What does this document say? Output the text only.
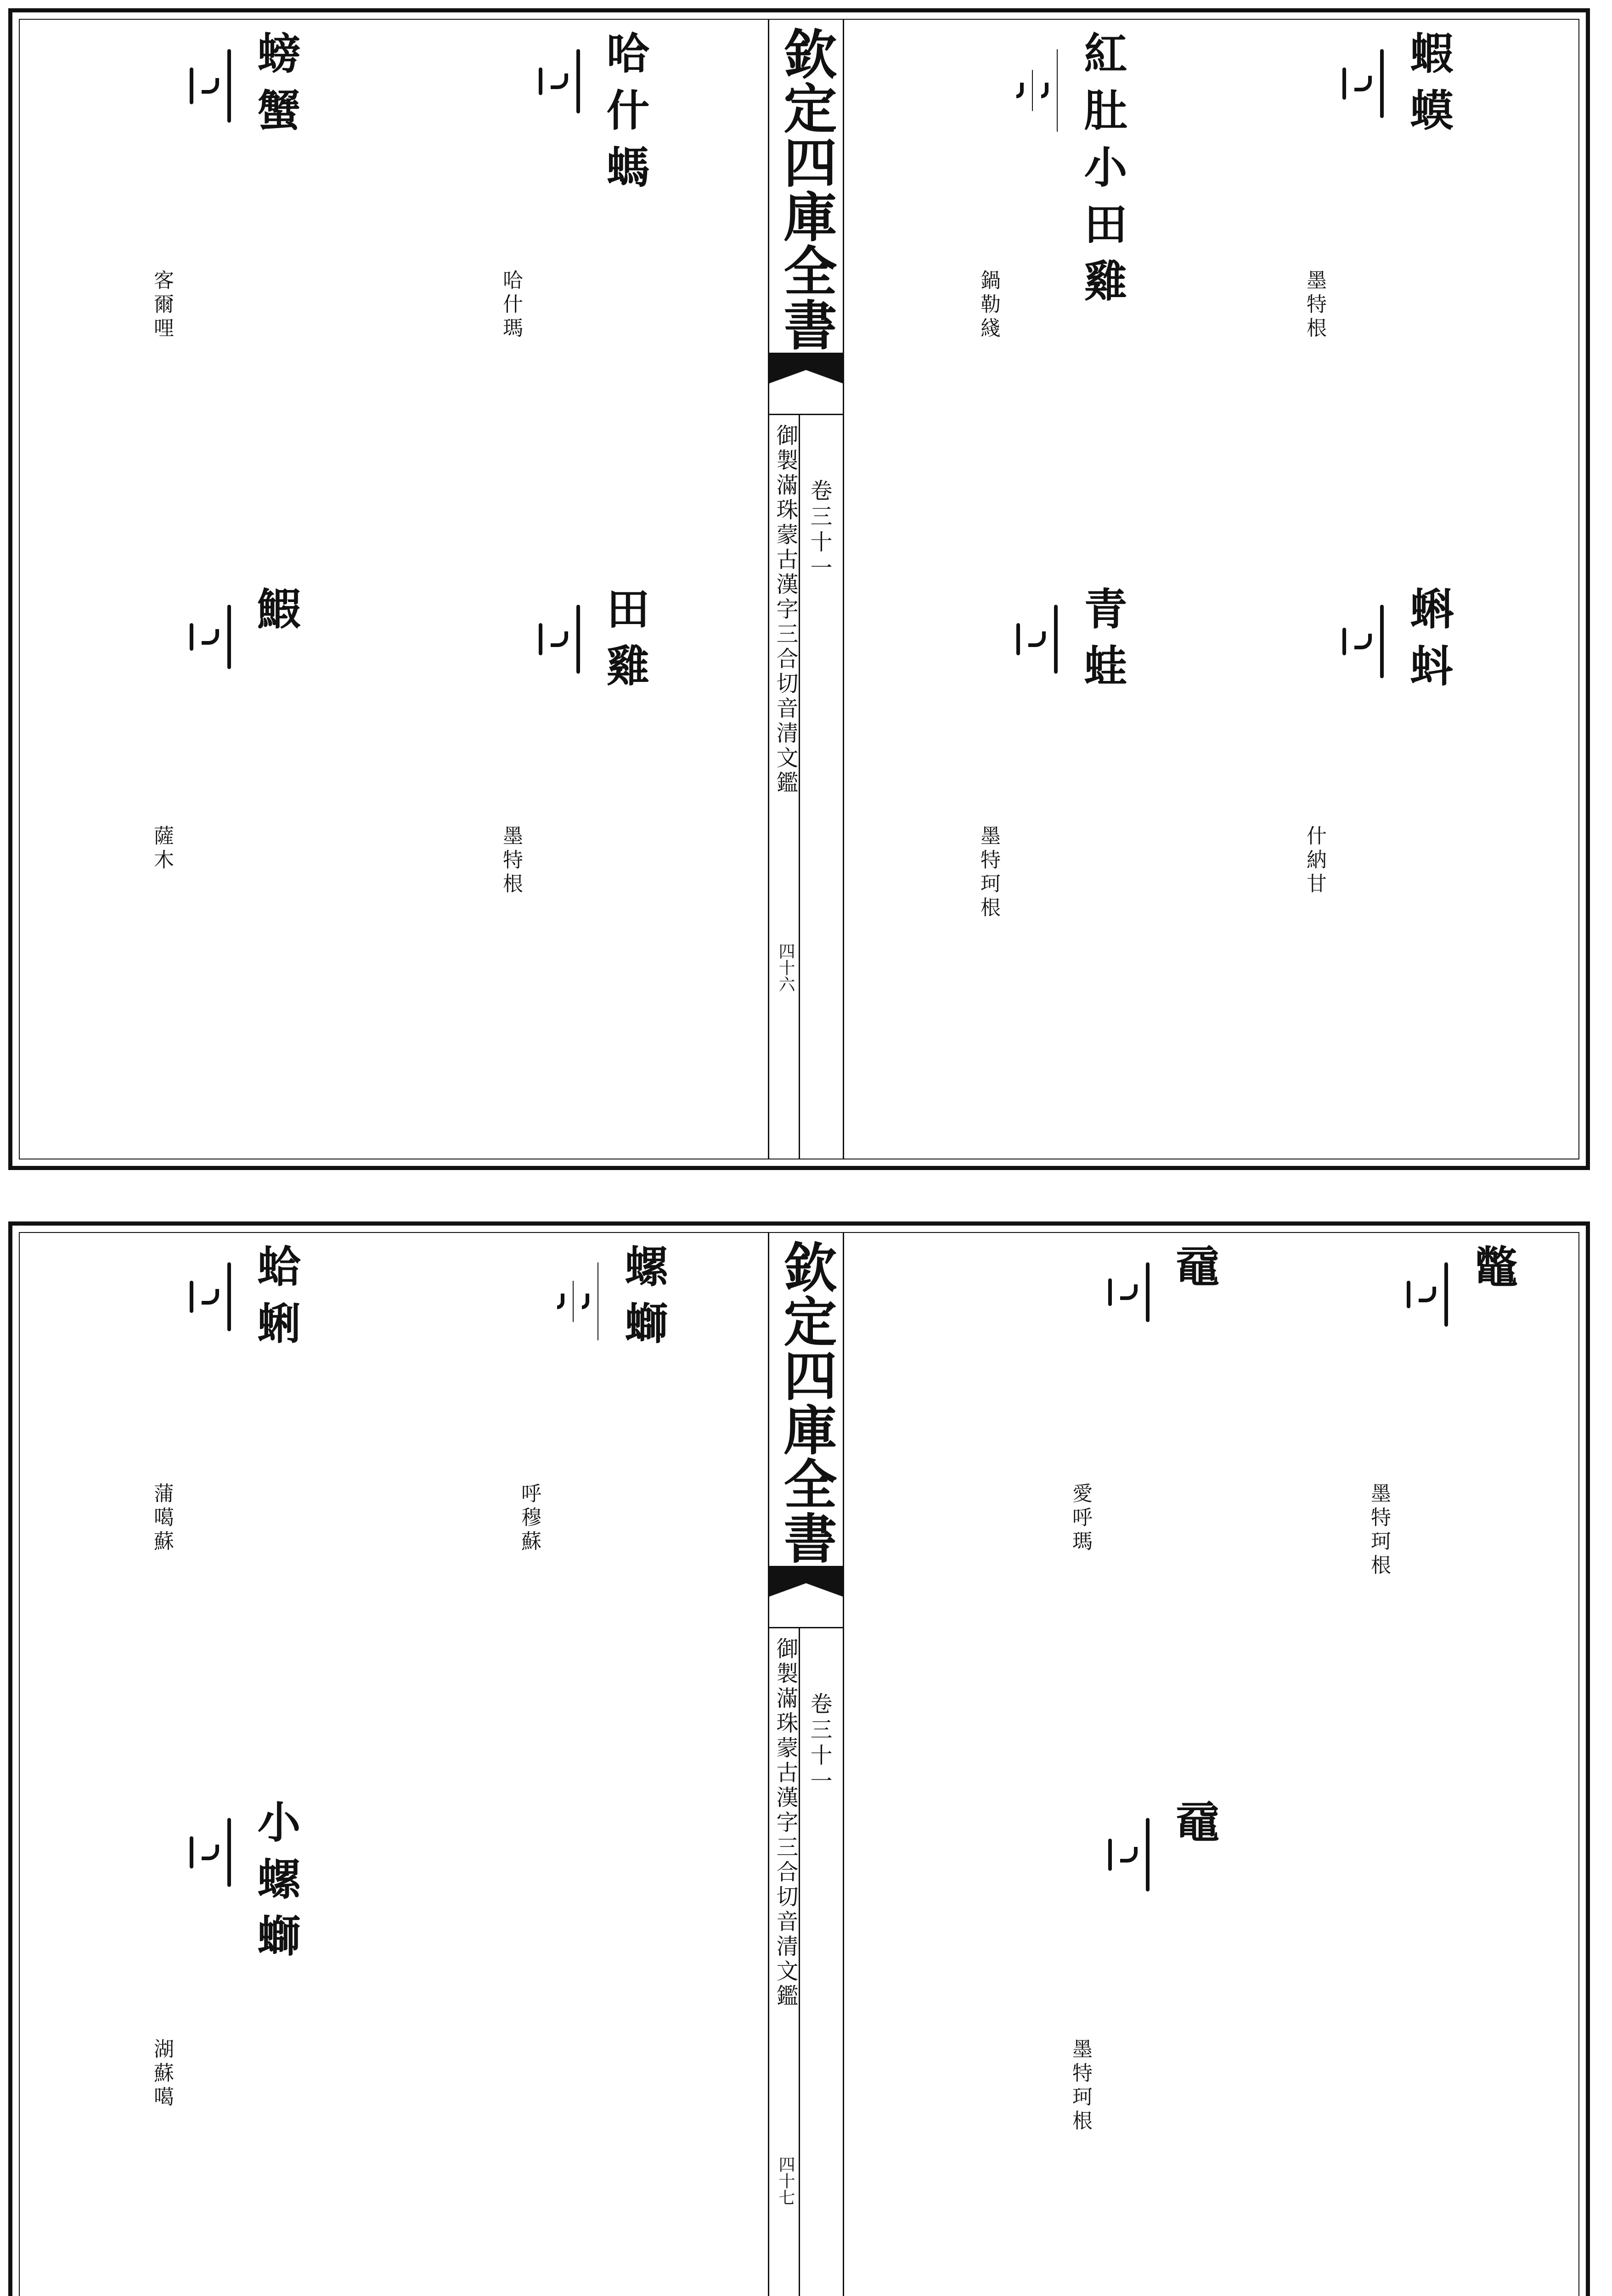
欽定四庫全書
御製滿珠蒙古漢字三合切音清文鑑 卷三十一
四十六
蝦蟆
墨特根
紅肚小田雞
鍋勒綫
哈什螞
哈什瑪
螃蟹
客爾哩
蝌蚪
什納甘
青蛙
墨特珂根
田雞
墨特根
鰕
薩木
欽定四庫全書
御製滿珠蒙古漢字三合切音清文鑑 卷三十一
四十七
鼈
墨特珂根
黿
愛呼瑪
螺螄
呼穆蘇
蛤蜊
蒲噶蘇
黿
墨特珂根
小螺螄
湖蘇噶
